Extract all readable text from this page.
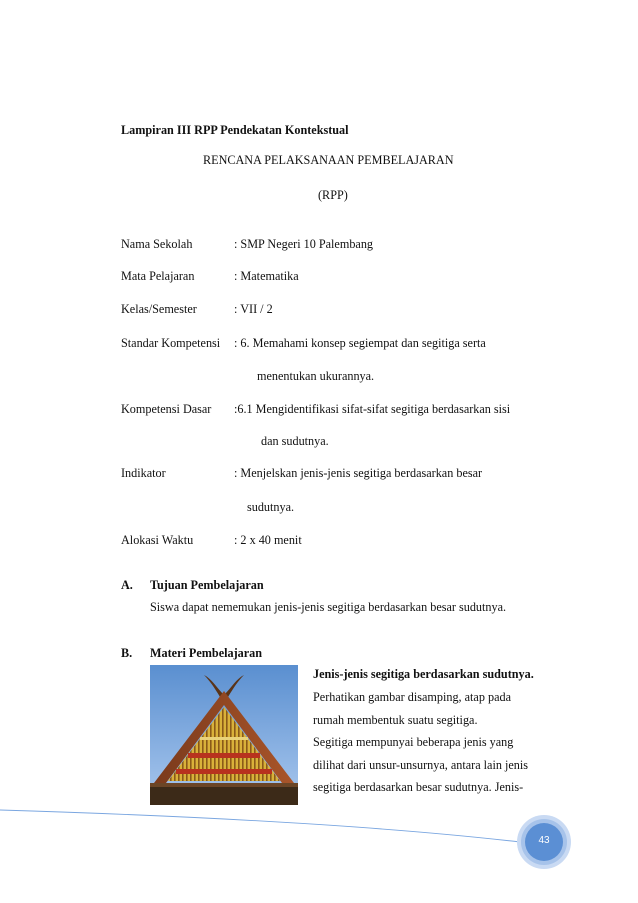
Lampiran III RPP Pendekatan Kontekstual
RENCANA PELAKSANAAN PEMBELAJARAN
(RPP)
Nama Sekolah	: SMP Negeri 10 Palembang
Mata Pelajaran	: Matematika
Kelas/Semester	: VII / 2
Standar Kompetensi : 6. Memahami konsep segiempat dan segitiga serta
menentukan ukurannya.
Kompetensi Dasar :6.1 Mengidentifikasi sifat-sifat segitiga berdasarkan sisi
dan sudutnya.
Indikator	: Menjelskan jenis-jenis segitiga berdasarkan besar
sudutnya.
Alokasi Waktu	: 2 x 40 menit
A. Tujuan Pembelajaran
Siswa dapat nememukan jenis-jenis segitiga berdasarkan besar sudutnya.
B. Materi Pembelajaran
Jenis-jenis segitiga berdasarkan sudutnya.
Perhatikan gambar disamping, atap pada
rumah membentuk suatu segitiga.
Segitiga mempunyai beberapa jenis yang
dilihat dari unsur-unsurnya, antara lain jenis
segitiga berdasarkan besar sudutnya. Jenis-
43
